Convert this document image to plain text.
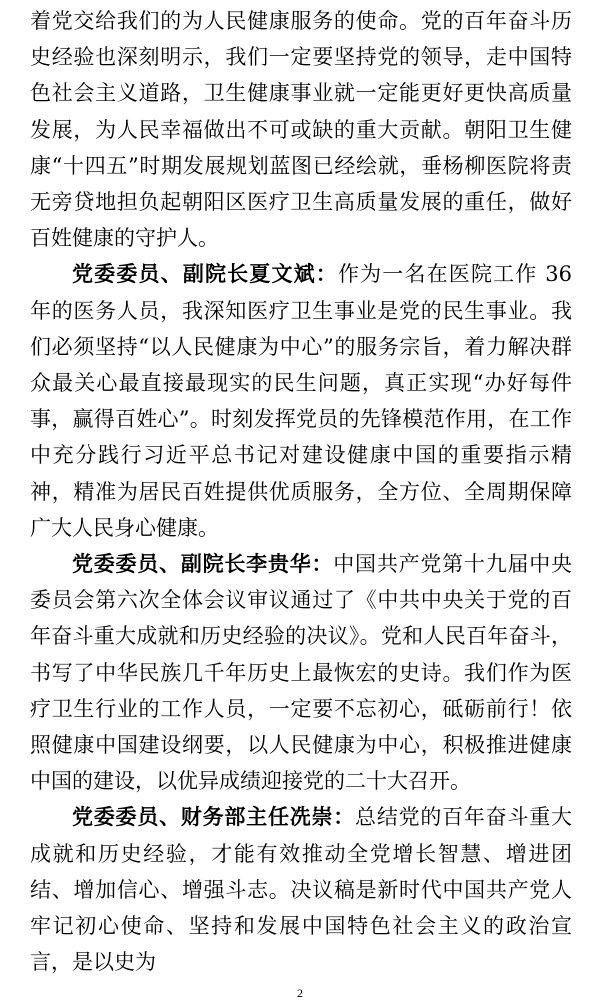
着党交给我们的为人民健康服务的使命。党的百年奋斗历史经验也深刻明示，我们一定要坚持党的领导，走中国特色社会主义道路，卫生健康事业就一定能更好更快高质量发展，为人民幸福做出不可或缺的重大贡献。朝阳卫生健康“十四五”时期发展规划蓝图已经绘就，垂杨柳医院将责无旁贷地担负起朝阳区医疗卫生高质量发展的重任，做好百姓健康的守护人。

党委委员、副院长夏文斌：作为一名在医院工作 36 年的医务人员，我深知医疗卫生事业是党的民生事业。我们必须坚持“以人民健康为中心”的服务宗旨，着力解决群众最关心最直接最现实的民生问题，真正实现“办好每件事，赢得百姓心”。时刻发挥党员的先锋模范作用，在工作中充分践行习近平总书记对建设健康中国的重要指示精神，精准为居民百姓提供优质服务，全方位、全周期保障广大人民身心健康。

党委委员、副院长李贵华：中国共产党第十九届中央委员会第六次全体会议审议通过了《中共中央关于党的百年奋斗重大成就和历史经验的决议》。党和人民百年奋斗，书写了中华民族几千年历史上最恢宏的史诗。我们作为医疗卫生行业的工作人员，一定要不忘初心，砥砺前行！依照健康中国建设纲要，以人民健康为中心，积极推进健康中国的建设，以优异成绩迎接党的二十大召开。

党委委员、财务部主任冼崇：总结党的百年奋斗重大成就和历史经验，才能有效推动全党增长智慧、增进团结、增加信心、增强斗志。决议稿是新时代中国共产党人牢记初心使命、坚持和发展中国特色社会主义的政治宣言，是以史为

2
